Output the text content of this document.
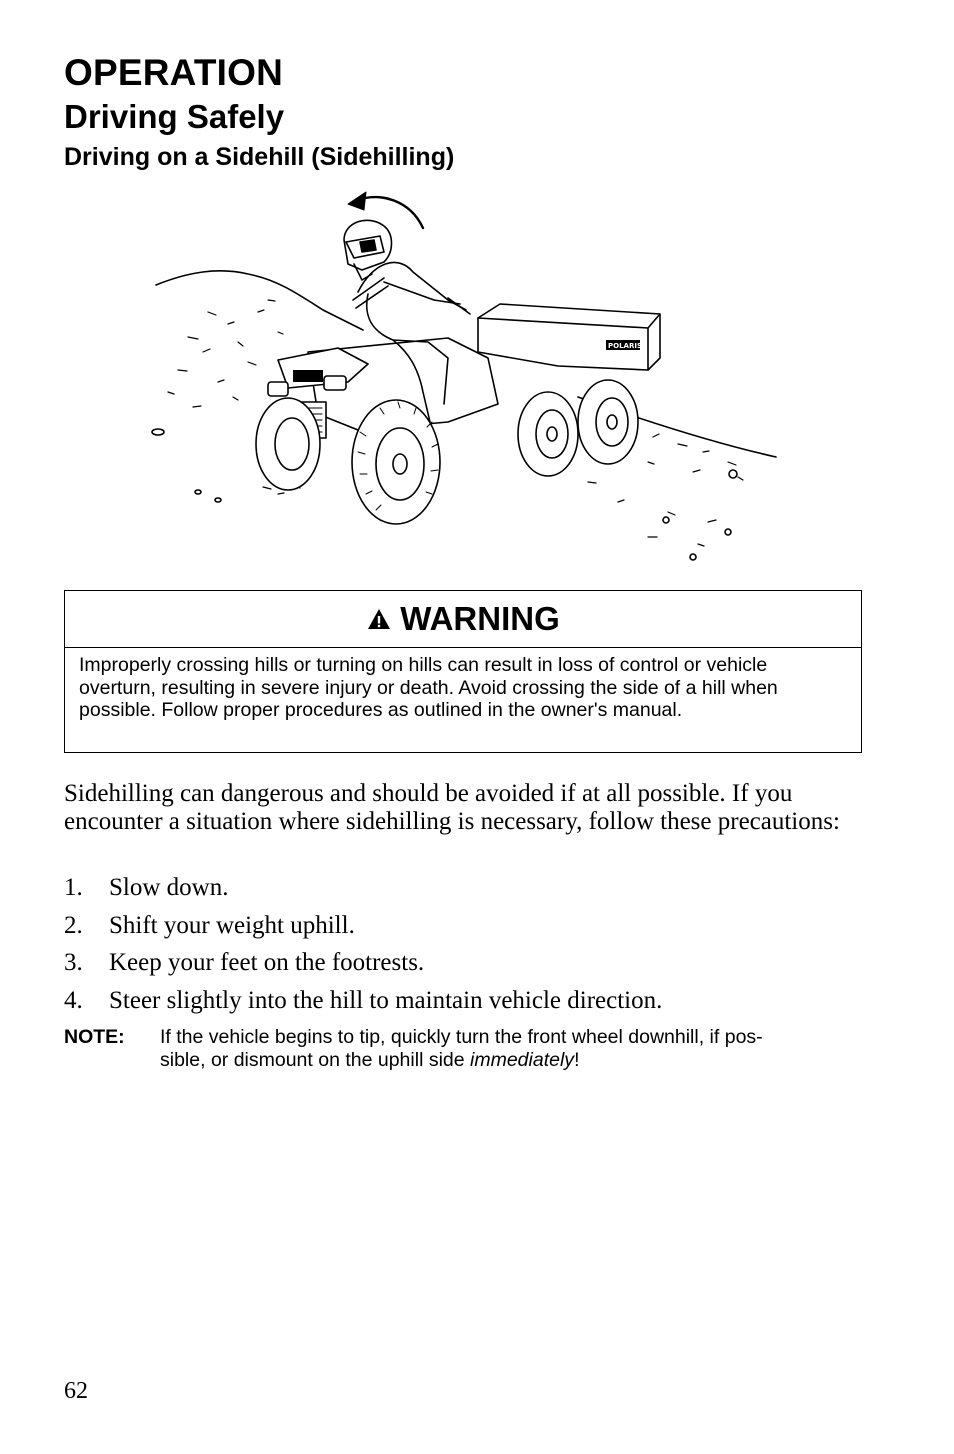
OPERATION
Driving Safely
Driving on a Sidehill (Sidehilling)
POLARIS
WARNING
Improperly crossing hills or turning on hills can result in loss of control or vehicle overturn, resulting in severe injury or death. Avoid crossing the side of a hill when possible. Follow proper procedures as outlined in the owner's manual.
Sidehilling can dangerous and should be avoided if at all possible. If you encounter a situation where sidehilling is necessary, follow these precautions:
1. Slow down.
2. Shift your weight uphill.
3. Keep your feet on the footrests.
4. Steer slightly into the hill to maintain vehicle direction.
NOTE: If the vehicle begins to tip, quickly turn the front wheel downhill, if pos-
sible, or dismount on the uphill side immediately!
62
